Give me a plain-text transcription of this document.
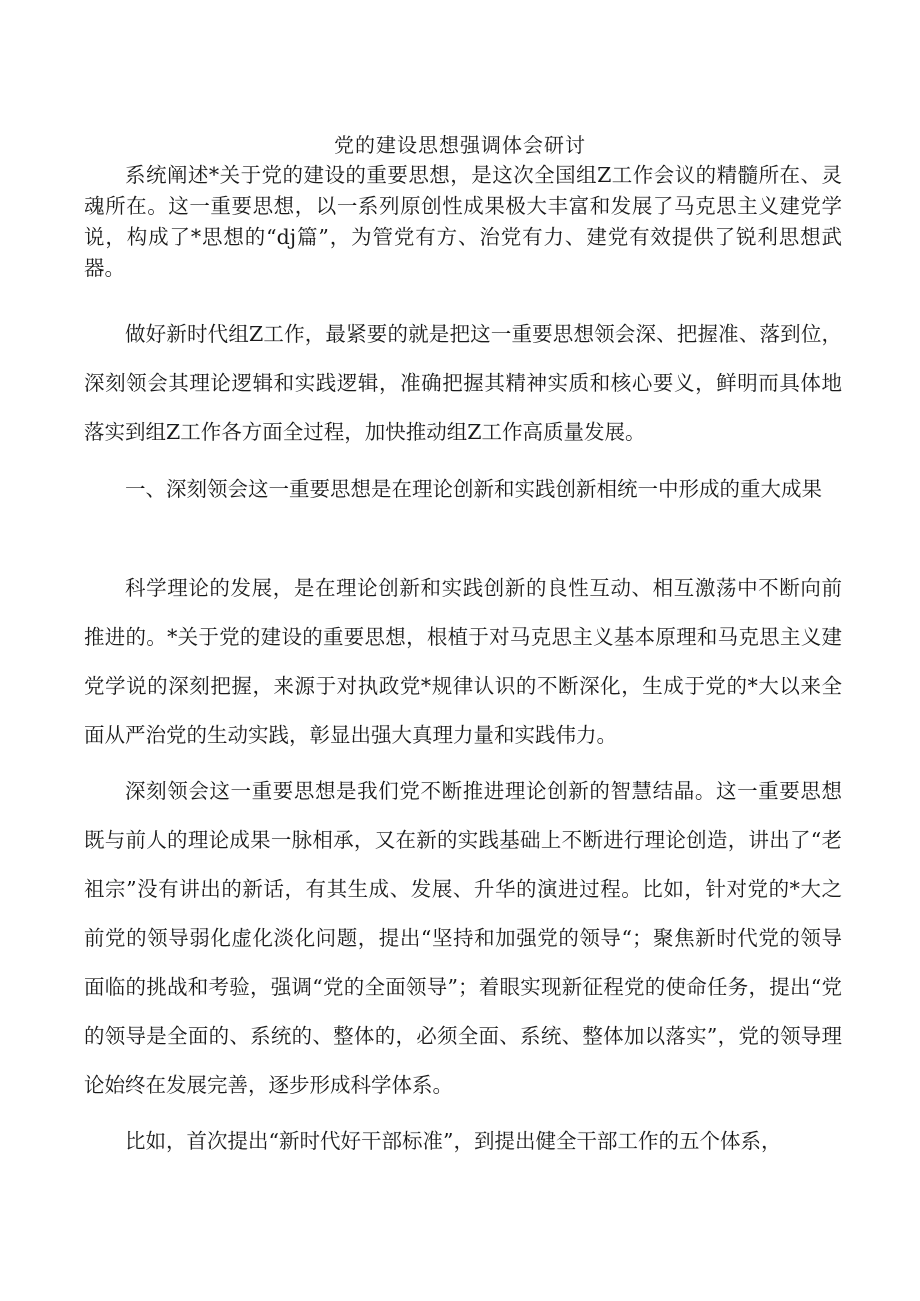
党的建设思想强调体会研讨

系统阐述*关于党的建设的重要思想，是这次全国组Z工作会议的精髓所在、灵魂所在。这一重要思想，以一系列原创性成果极大丰富和发展了马克思主义建党学说，构成了*思想的“dj篇”，为管党有方、治党有力、建党有效提供了锐利思想武器。

做好新时代组Z工作，最紧要的就是把这一重要思想领会深、把握准、落到位，深刻领会其理论逻辑和实践逻辑，准确把握其精神实质和核心要义，鲜明而具体地落实到组Z工作各方面全过程，加快推动组Z工作高质量发展。

一、深刻领会这一重要思想是在理论创新和实践创新相统一中形成的重大成果

科学理论的发展，是在理论创新和实践创新的良性互动、相互激荡中不断向前推进的。*关于党的建设的重要思想，根植于对马克思主义基本原理和马克思主义建党学说的深刻把握，来源于对执政党*规律认识的不断深化，生成于党的*大以来全面从严治党的生动实践，彰显出强大真理力量和实践伟力。

深刻领会这一重要思想是我们党不断推进理论创新的智慧结晶。这一重要思想既与前人的理论成果一脉相承，又在新的实践基础上不断进行理论创造，讲出了“老祖宗”没有讲出的新话，有其生成、发展、升华的演进过程。比如，针对党的*大之前党的领导弱化虚化淡化问题，提出“坚持和加强党的领导“；聚焦新时代党的领导面临的挑战和考验，强调“党的全面领导”；着眼实现新征程党的使命任务，提出“党的领导是全面的、系统的、整体的，必须全面、系统、整体加以落实”，党的领导理论始终在发展完善，逐步形成科学体系。

比如，首次提出“新时代好干部标准”，到提出健全干部工作的五个体系，
